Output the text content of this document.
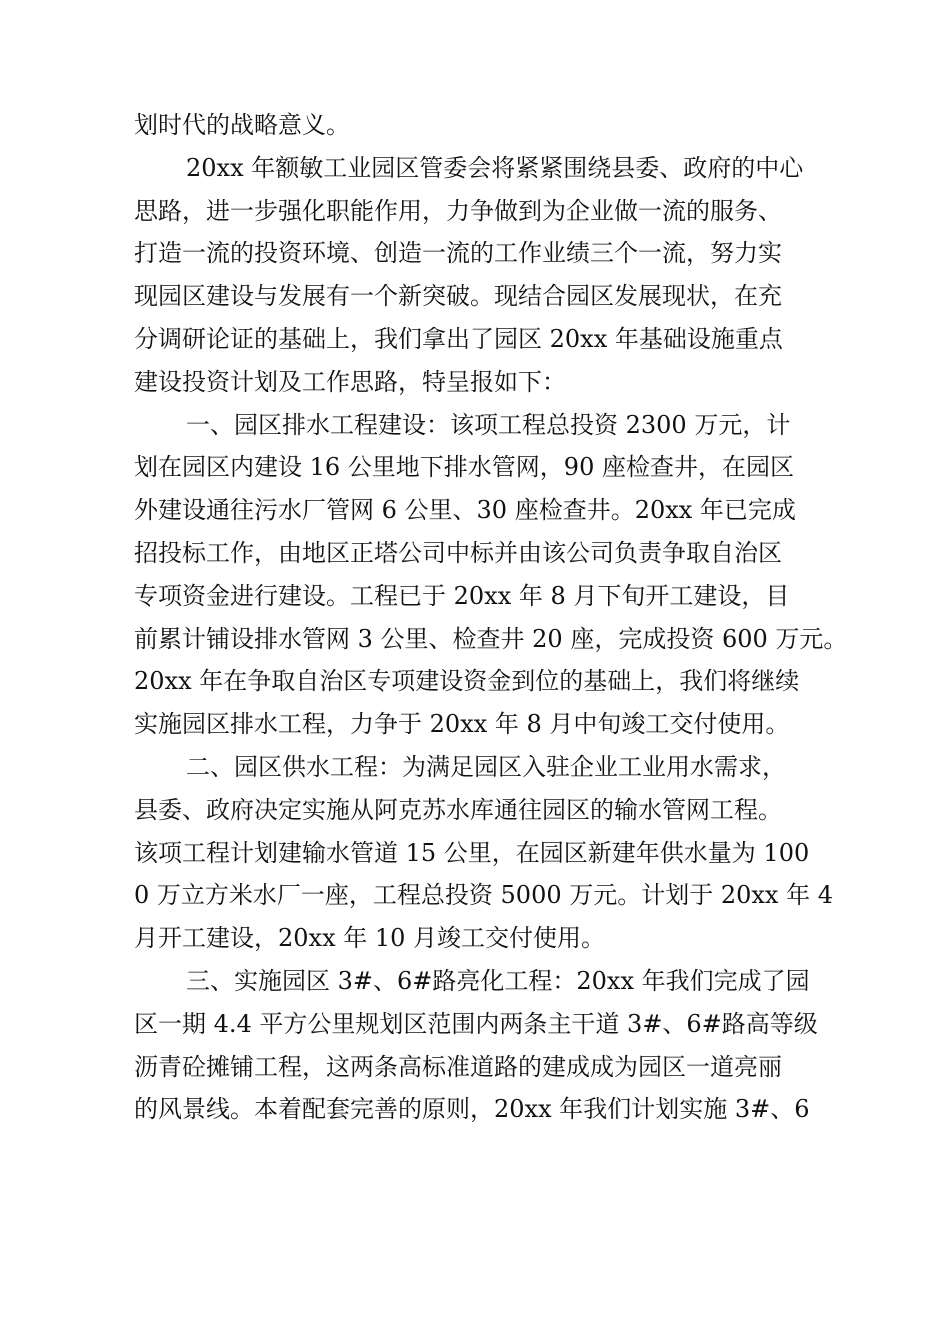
划时代的战略意义。
20xx 年额敏工业园区管委会将紧紧围绕县委、政府的中心
思路，进一步强化职能作用，力争做到为企业做一流的服务、
打造一流的投资环境、创造一流的工作业绩三个一流，努力实
现园区建设与发展有一个新突破。现结合园区发展现状，在充
分调研论证的基础上，我们拿出了园区 20xx 年基础设施重点
建设投资计划及工作思路，特呈报如下：
一、园区排水工程建设：该项工程总投资 2300 万元，计
划在园区内建设 16 公里地下排水管网，90 座检查井，在园区
外建设通往污水厂管网 6 公里、30 座检查井。20xx 年已完成
招投标工作，由地区正塔公司中标并由该公司负责争取自治区
专项资金进行建设。工程已于 20xx 年 8 月下旬开工建设，目
前累计铺设排水管网 3 公里、检查井 20 座，完成投资 600 万元。
20xx 年在争取自治区专项建设资金到位的基础上，我们将继续
实施园区排水工程，力争于 20xx 年 8 月中旬竣工交付使用。
二、园区供水工程：为满足园区入驻企业工业用水需求，
县委、政府决定实施从阿克苏水库通往园区的输水管网工程。
该项工程计划建输水管道 15 公里，在园区新建年供水量为 100
0 万立方米水厂一座，工程总投资 5000 万元。计划于 20xx 年 4
月开工建设，20xx 年 10 月竣工交付使用。
三、实施园区 3#、6#路亮化工程：20xx 年我们完成了园
区一期 4.4 平方公里规划区范围内两条主干道 3#、6#路高等级
沥青砼摊铺工程，这两条高标准道路的建成成为园区一道亮丽
的风景线。本着配套完善的原则，20xx 年我们计划实施 3#、6
